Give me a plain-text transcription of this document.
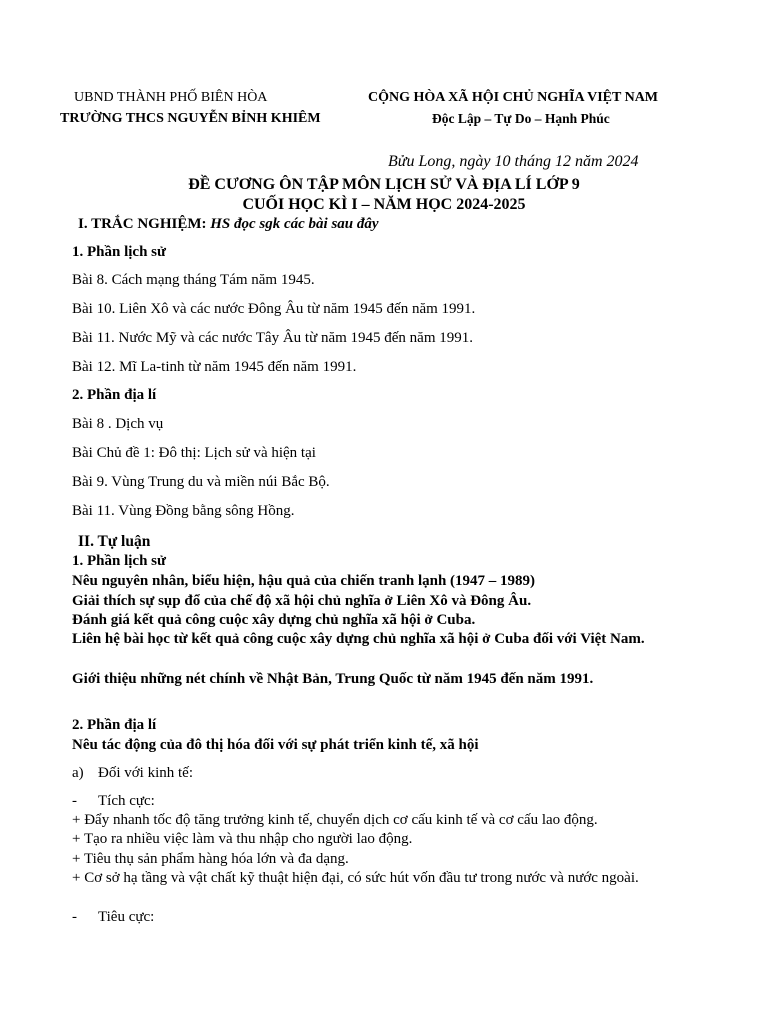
UBND THÀNH PHỐ BIÊN HÒA
TRƯỜNG THCS NGUYỄN BỈNH KHIÊM
CỘNG HÒA XÃ HỘI CHỦ NGHĨA VIỆT NAM
Độc Lập – Tự Do – Hạnh Phúc
Bửu Long, ngày 10 tháng 12 năm 2024
ĐỀ CƯƠNG ÔN TẬP MÔN LỊCH SỬ VÀ ĐỊA LÍ LỚP 9
CUỐI HỌC KÌ I – NĂM HỌC 2024-2025
I. TRẮC NGHIỆM: HS đọc sgk các bài sau đây
1. Phần lịch sử
Bài 8. Cách mạng tháng Tám năm 1945.
Bài 10. Liên Xô và các nước Đông Âu từ năm 1945 đến năm 1991.
Bài 11. Nước Mỹ và các nước Tây Âu từ năm 1945 đến năm 1991.
Bài 12. Mĩ La-tinh từ năm 1945 đến năm 1991.
2. Phần địa lí
Bài 8 . Dịch vụ
Bài Chủ đề 1: Đô thị: Lịch sử và hiện tại
Bài 9. Vùng Trung du và miền núi Bắc Bộ.
Bài 11. Vùng Đồng bằng sông Hồng.
II. Tự luận
1. Phần lịch sử
Nêu nguyên nhân, biểu hiện, hậu quả của chiến tranh lạnh (1947 – 1989)
Giải thích sự sụp đổ của chế độ xã hội chủ nghĩa ở Liên Xô và Đông Âu.
Đánh giá kết quả công cuộc xây dựng chủ nghĩa xã hội ở Cuba.
Liên hệ bài học từ kết quả công cuộc xây dựng chủ nghĩa xã hội ở Cuba đối với Việt Nam.
Giới thiệu những nét chính về Nhật Bản, Trung Quốc từ năm 1945 đến năm 1991.
2. Phần địa lí
Nêu tác động của đô thị hóa đối với sự phát triển kinh tế, xã hội
a) Đối với kinh tế:
- Tích cực:
+ Đẩy nhanh tốc độ tăng trưởng kinh tế, chuyển dịch cơ cấu kinh tế và cơ cấu lao động.
+ Tạo ra nhiều việc làm và thu nhập cho người lao động.
+ Tiêu thụ sản phẩm hàng hóa lớn và đa dạng.
+ Cơ sở hạ tầng và vật chất kỹ thuật hiện đại, có sức hút vốn đầu tư trong nước và nước ngoài.
- Tiêu cực:
